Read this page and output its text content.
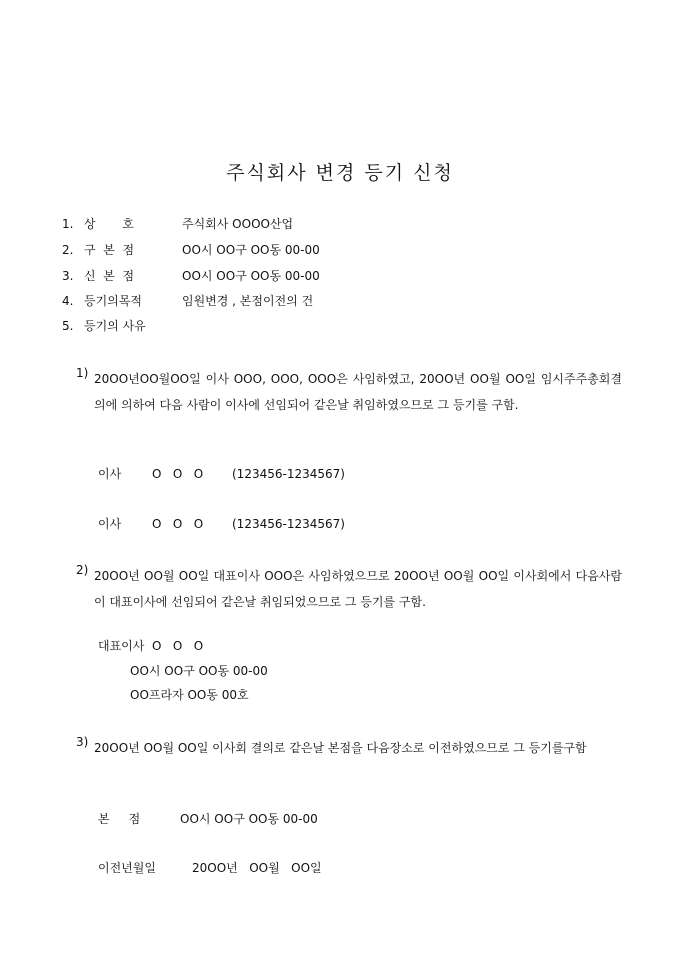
주식회사 변경 등기 신청
1. 상       호	주식회사 OOOO산업
2. 구  본  점	OO시 OO구 OO동 00-00
3. 신  본  점	OO시 OO구 OO동 00-00
4. 등기의목적	임원변경 , 본점이전의 건
5. 등기의 사유
1) 20OO년OO월OO일 이사 OOO, OOO, OOO은 사임하였고, 20OO년 OO월 OO일 임시주주총회결의에 의하여 다음 사람이 이사에 선임되어 같은날 취임하였으므로 그 등기를 구함.
이사	O   O   O (123456-1234567)
이사	O   O   O (123456-1234567)
2) 20OO년 OO월 OO일 대표이사 OOO은 사임하였으므로 20OO년 OO월 OO일 이사회에서 다음사람이 대표이사에 선임되어 같은날 취임되었으므로 그 등기를 구함.
대표이사 O   O   O
OO시 OO구 OO동 00-00
OO프라자 OO동 00호
3) 20OO년 OO월 OO일 이사회 결의로 같은날 본점을 다음장소로 이전하였으므로 그 등기를구함
본     점	OO시 OO구 OO동 00-00
이전년월일	20OO년   OO월   OO일
